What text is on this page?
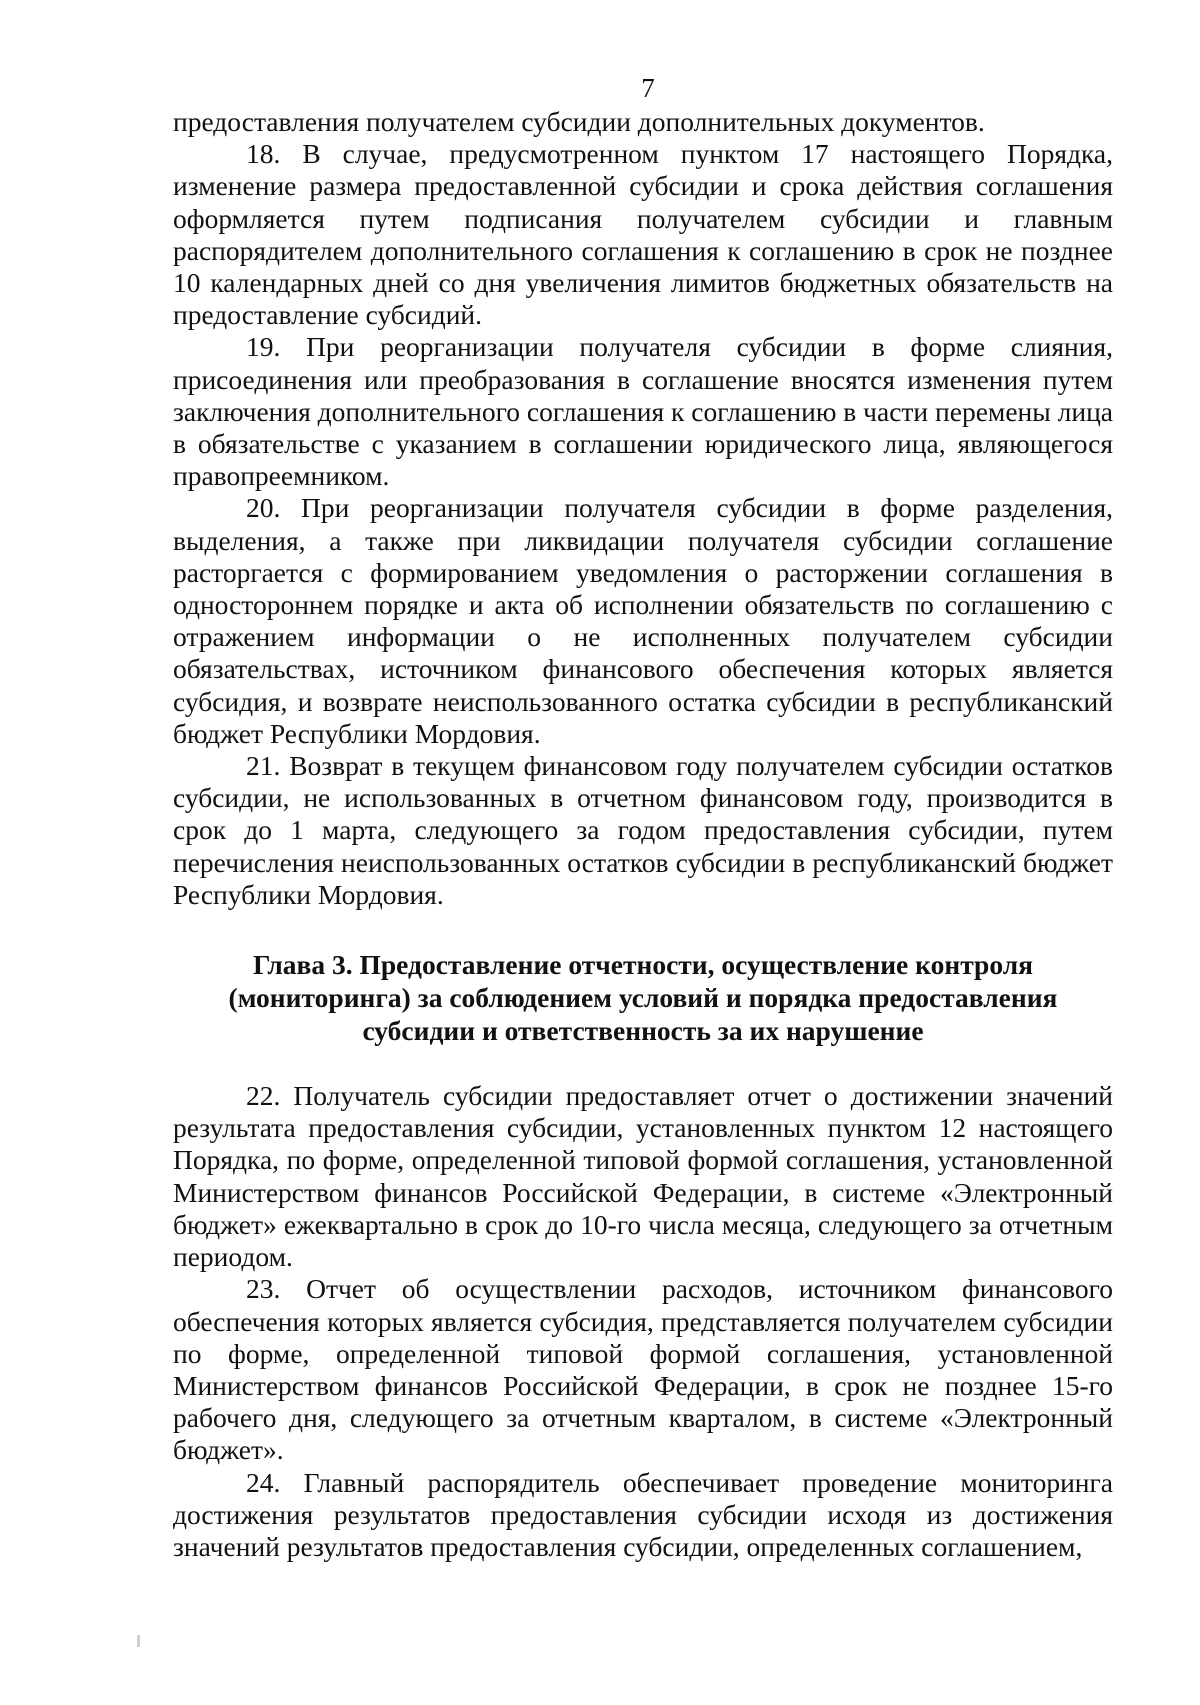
7

предоставления получателем субсидии дополнительных документов.

18. В случае, предусмотренном пунктом 17 настоящего Порядка, изменение размера предоставленной субсидии и срока действия соглашения оформляется путем подписания получателем субсидии и главным распорядителем дополнительного соглашения к соглашению в срок не позднее 10 календарных дней со дня увеличения лимитов бюджетных обязательств на предоставление субсидий.

19. При реорганизации получателя субсидии в форме слияния, присоединения или преобразования в соглашение вносятся изменения путем заключения дополнительного соглашения к соглашению в части перемены лица в обязательстве с указанием в соглашении юридического лица, являющегося правопреемником.

20. При реорганизации получателя субсидии в форме разделения, выделения, а также при ликвидации получателя субсидии соглашение расторгается с формированием уведомления о расторжении соглашения в одностороннем порядке и акта об исполнении обязательств по соглашению с отражением информации о не исполненных получателем субсидии обязательствах, источником финансового обеспечения которых является субсидия, и возврате неиспользованного остатка субсидии в республиканский бюджет Республики Мордовия.

21. Возврат в текущем финансовом году получателем субсидии остатков субсидии, не использованных в отчетном финансовом году, производится в срок до 1 марта, следующего за годом предоставления субсидии, путем перечисления неиспользованных остатков субсидии в республиканский бюджет Республики Мордовия.

Глава 3. Предоставление отчетности, осуществление контроля
(мониторинга) за соблюдением условий и порядка предоставления
субсидии и ответственность за их нарушение

22. Получатель субсидии предоставляет отчет о достижении значений результата предоставления субсидии, установленных пунктом 12 настоящего Порядка, по форме, определенной типовой формой соглашения, установленной Министерством финансов Российской Федерации, в системе «Электронный бюджет» ежеквартально в срок до 10-го числа месяца, следующего за отчетным периодом.

23. Отчет об осуществлении расходов, источником финансового обеспечения которых является субсидия, представляется получателем субсидии по форме, определенной типовой формой соглашения, установленной Министерством финансов Российской Федерации, в срок не позднее 15-го рабочего дня, следующего за отчетным кварталом, в системе «Электронный бюджет».

24. Главный распорядитель обеспечивает проведение мониторинга достижения результатов предоставления субсидии исходя из достижения значений результатов предоставления субсидии, определенных соглашением,
